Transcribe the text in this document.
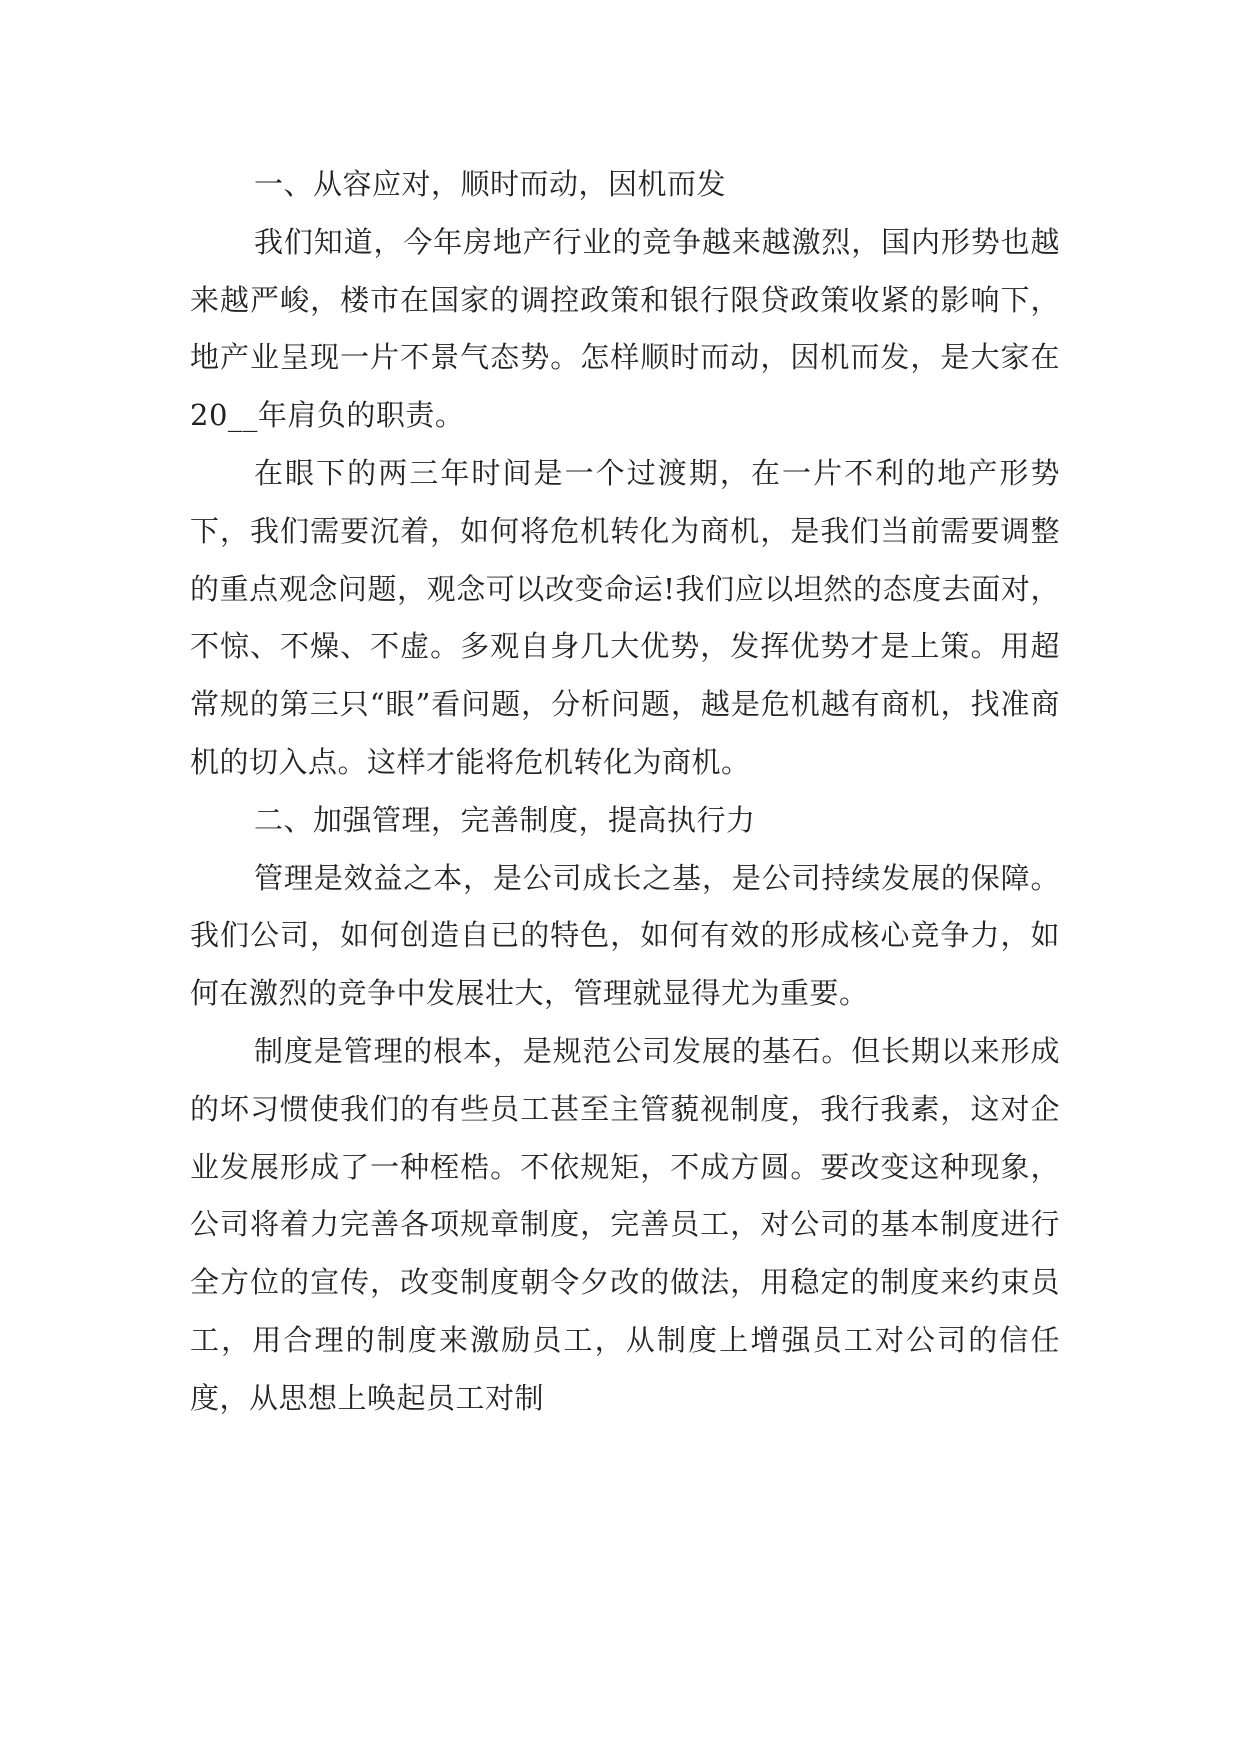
一、从容应对，顺时而动，因机而发

我们知道，今年房地产行业的竞争越来越激烈，国内形势也越来越严峻，楼市在国家的调控政策和银行限贷政策收紧的影响下，地产业呈现一片不景气态势。怎样顺时而动，因机而发，是大家在20__年肩负的职责。

在眼下的两三年时间是一个过渡期，在一片不利的地产形势下，我们需要沉着，如何将危机转化为商机，是我们当前需要调整的重点观念问题，观念可以改变命运!我们应以坦然的态度去面对，不惊、不燥、不虚。多观自身几大优势，发挥优势才是上策。用超常规的第三只“眼”看问题，分析问题，越是危机越有商机，找准商机的切入点。这样才能将危机转化为商机。

二、加强管理，完善制度，提高执行力

管理是效益之本，是公司成长之基，是公司持续发展的保障。我们公司，如何创造自已的特色，如何有效的形成核心竞争力，如何在激烈的竞争中发展壮大，管理就显得尤为重要。

制度是管理的根本，是规范公司发展的基石。但长期以来形成的坏习惯使我们的有些员工甚至主管藐视制度，我行我素，这对企业发展形成了一种桎梏。不依规矩，不成方圆。要改变这种现象，公司将着力完善各项规章制度，完善员工，对公司的基本制度进行全方位的宣传，改变制度朝令夕改的做法，用稳定的制度来约束员工，用合理的制度来激励员工，从制度上增强员工对公司的信任度，从思想上唤起员工对制
